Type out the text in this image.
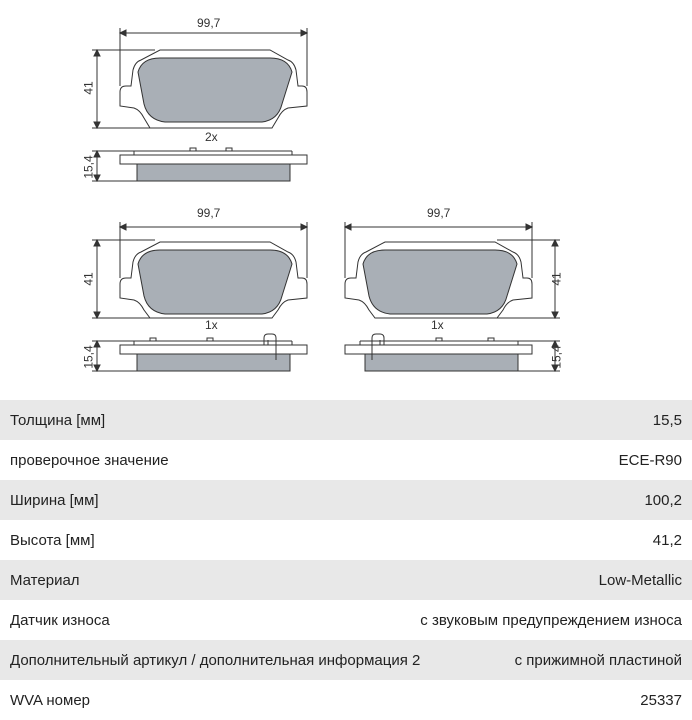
99,7
41
2x
15,4
99,7
41
1x
15,4
99,7
41
1x
15,4
Толщина [мм]	15,5
проверочное значение	ECE-R90
Ширина [мм]	100,2
Высота [мм]	41,2
Материал	Low-Metallic
Датчик износа	с звуковым предупреждением износа
Дополнительный артикул / дополнительная информация 2	с прижимной пластиной
WVA номер	25337
